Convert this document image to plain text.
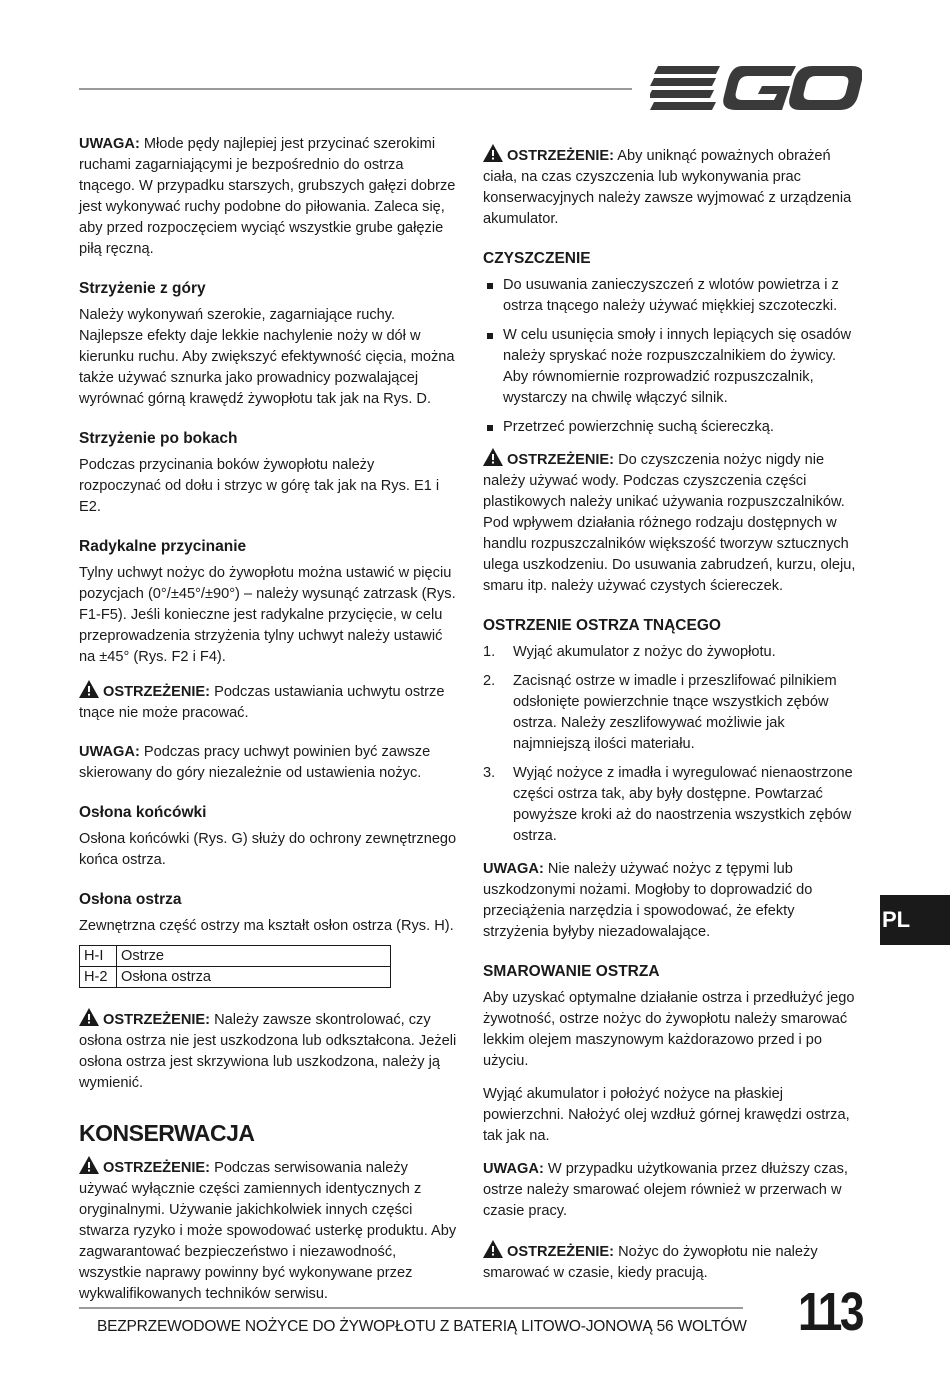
UWAGA: Młode pędy najlepiej jest przycinać szerokimi ruchami zagarniającymi je bezpośrednio do ostrza tnącego. W przypadku starszych, grubszych gałęzi dobrze jest wykonywać ruchy podobne do piłowania. Zaleca się, aby przed rozpoczęciem wyciąć wszystkie grube gałęzie piłą ręczną.

Strzyżenie z góry

Należy wykonywań szerokie, zagarniające ruchy. Najlepsze efekty daje lekkie nachylenie noży w dół w kierunku ruchu. Aby zwiększyć efektywność cięcia, można także używać sznurka jako prowadnicy pozwalającej wyrównać górną krawędź żywopłotu tak jak na Rys. D.

Strzyżenie po bokach

Podczas przycinania boków żywopłotu należy rozpoczynać od dołu i strzyc w górę tak jak na Rys. E1 i E2.

Radykalne przycinanie

Tylny uchwyt nożyc do żywopłotu można ustawić w pięciu pozycjach (0°/±45°/±90°) – należy wysunąć zatrzask (Rys. F1-F5). Jeśli konieczne jest radykalne przycięcie, w celu przeprowadzenia strzyżenia tylny uchwyt należy ustawić na ±45° (Rys. F2 i F4).

OSTRZEŻENIE: Podczas ustawiania uchwytu ostrze tnące nie może pracować.

UWAGA: Podczas pracy uchwyt powinien być zawsze skierowany do góry niezależnie od ustawienia nożyc.

Osłona końcówki

Osłona końcówki (Rys. G) służy do ochrony zewnętrznego końca ostrza.

Osłona ostrza

Zewnętrzna część ostrzy ma kształt osłon ostrza (Rys. H).

H-I	Ostrze
H-2	Osłona ostrza

OSTRZEŻENIE: Należy zawsze skontrolować, czy osłona ostrza nie jest uszkodzona lub odkształcona. Jeżeli osłona ostrza jest skrzywiona lub uszkodzona, należy ją wymienić.

KONSERWACJA

OSTRZEŻENIE: Podczas serwisowania należy używać wyłącznie części zamiennych identycznych z oryginalnymi. Używanie jakichkolwiek innych części stwarza ryzyko i może spowodować usterkę produktu. Aby zagwarantować bezpieczeństwo i niezawodność, wszystkie naprawy powinny być wykonywane przez wykwalifikowanych techników serwisu.

OSTRZEŻENIE: Aby uniknąć poważnych obrażeń ciała, na czas czyszczenia lub wykonywania prac konserwacyjnych należy zawsze wyjmować z urządzenia akumulator.

CZYSZCZENIE
Do usuwania zanieczyszczeń z wlotów powietrza i z ostrza tnącego należy używać miękkiej szczoteczki.
W celu usunięcia smoły i innych lepiących się osadów należy spryskać noże rozpuszczalnikiem do żywicy. Aby równomiernie rozprowadzić rozpuszczalnik, wystarczy na chwilę włączyć silnik.
Przetrzeć powierzchnię suchą ściereczką.

OSTRZEŻENIE: Do czyszczenia nożyc nigdy nie należy używać wody. Podczas czyszczenia części plastikowych należy unikać używania rozpuszczalników. Pod wpływem działania różnego rodzaju dostępnych w handlu rozpuszczalników większość tworzyw sztucznych ulega uszkodzeniu. Do usuwania zabrudzeń, kurzu, oleju, smaru itp. należy używać czystych ściereczek.

OSTRZENIE OSTRZA TNĄCEGO
1. Wyjąć akumulator z nożyc do żywopłotu.
2. Zacisnąć ostrze w imadle i przeszlifować pilnikiem odsłonięte powierzchnie tnące wszystkich zębów ostrza. Należy zeszlifowywać możliwie jak najmniejszą ilości materiału.
3. Wyjąć nożyce z imadła i wyregulować nienaostrzone części ostrza tak, aby były dostępne. Powtarzać powyższe kroki aż do naostrzenia wszystkich zębów ostrza.

UWAGA: Nie należy używać nożyc z tępymi lub uszkodzonymi nożami. Mogłoby to doprowadzić do przeciążenia narzędzia i spowodować, że efekty strzyżenia byłyby niezadowalające.

SMAROWANIE OSTRZA

Aby uzyskać optymalne działanie ostrza i przedłużyć jego żywotność, ostrze nożyc do żywopłotu należy smarować lekkim olejem maszynowym każdorazowo przed i po użyciu.

Wyjąć akumulator i położyć nożyce na płaskiej powierzchni. Nałożyć olej wzdłuż górnej krawędzi ostrza, tak jak na.

UWAGA: W przypadku użytkowania przez dłuższy czas, ostrze należy smarować olejem również w przerwach w czasie pracy.

OSTRZEŻENIE: Nożyc do żywopłotu nie należy smarować w czasie, kiedy pracują.

PL
BEZPRZEWODOWE NOŻYCE DO ŻYWOPŁOTU Z BATERIĄ LITOWO-JONOWĄ 56 WOLTÓW 113
